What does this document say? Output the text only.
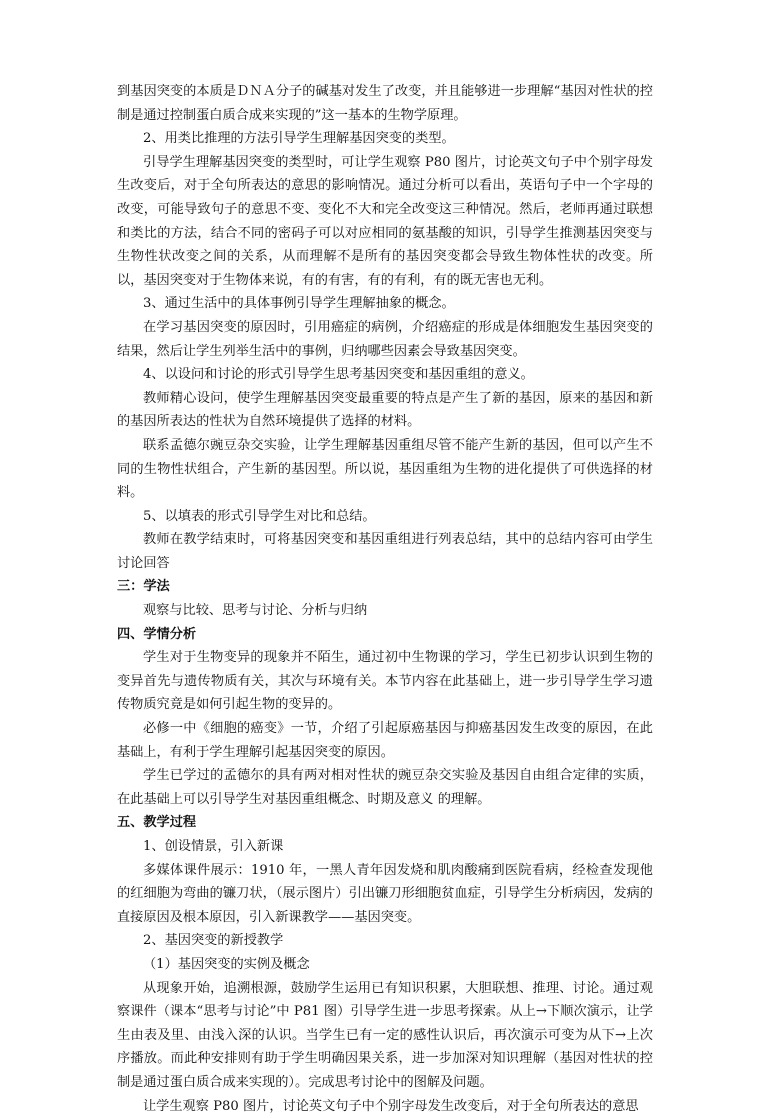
到基因突变的本质是ＤＮＡ分子的碱基对发生了改变，并且能够进一步理解“基因对性状的控制是通过控制蛋白质合成来实现的”这一基本的生物学原理。

2、用类比推理的方法引导学生理解基因突变的类型。

引导学生理解基因突变的类型时，可让学生观察 P80 图片，讨论英文句子中个别字母发生改变后，对于全句所表达的意思的影响情况。通过分析可以看出，英语句子中一个字母的改变，可能导致句子的意思不变、变化不大和完全改变这三种情况。然后，老师再通过联想和类比的方法，结合不同的密码子可以对应相同的氨基酸的知识，引导学生推测基因突变与生物性状改变之间的关系，从而理解不是所有的基因突变都会导致生物体性状的改变。所以，基因突变对于生物体来说，有的有害，有的有利，有的既无害也无利。

3、通过生活中的具体事例引导学生理解抽象的概念。

在学习基因突变的原因时，引用癌症的病例，介绍癌症的形成是体细胞发生基因突变的结果，然后让学生列举生活中的事例，归纳哪些因素会导致基因突变。

4、以设问和讨论的形式引导学生思考基因突变和基因重组的意义。

教师精心设问，使学生理解基因突变最重要的特点是产生了新的基因，原来的基因和新的基因所表达的性状为自然环境提供了选择的材料。

联系孟德尔豌豆杂交实验，让学生理解基因重组尽管不能产生新的基因，但可以产生不同的生物性状组合，产生新的基因型。所以说，基因重组为生物的进化提供了可供选择的材料。

5、以填表的形式引导学生对比和总结。

教师在教学结束时，可将基因突变和基因重组进行列表总结，其中的总结内容可由学生讨论回答

三：学法

观察与比较、思考与讨论、分析与归纳

四、学情分析

学生对于生物变异的现象并不陌生，通过初中生物课的学习，学生已初步认识到生物的变异首先与遗传物质有关，其次与环境有关。本节内容在此基础上，进一步引导学生学习遗传物质究竟是如何引起生物的变异的。

必修一中《细胞的癌变》一节，介绍了引起原癌基因与抑癌基因发生改变的原因，在此基础上，有利于学生理解引起基因突变的原因。

学生已学过的孟德尔的具有两对相对性状的豌豆杂交实验及基因自由组合定律的实质，在此基础上可以引导学生对基因重组概念、时期及意义 的理解。

五、教学过程

1、创设情景，引入新课

多媒体课件展示：1910 年，一黑人青年因发烧和肌肉酸痛到医院看病，经检查发现他的红细胞为弯曲的镰刀状，（展示图片）引出镰刀形细胞贫血症，引导学生分析病因，发病的直接原因及根本原因，引入新课教学——基因突变。

2、基因突变的新授教学

（1）基因突变的实例及概念

从现象开始，追溯根源，鼓励学生运用已有知识积累，大胆联想、推理、讨论。通过观察课件（课本“思考与讨论”中 P81 图）引导学生进一步思考探索。从上→下顺次演示，让学生由表及里、由浅入深的认识。当学生已有一定的感性认识后，再次演示可变为从下→上次序播放。而此种安排则有助于学生明确因果关系，进一步加深对知识理解（基因对性状的控制是通过蛋白质合成来实现的）。完成思考讨论中的图解及问题。

让学生观察 P80 图片，讨论英文句子中个别字母发生改变后，对于全句所表达的意思
